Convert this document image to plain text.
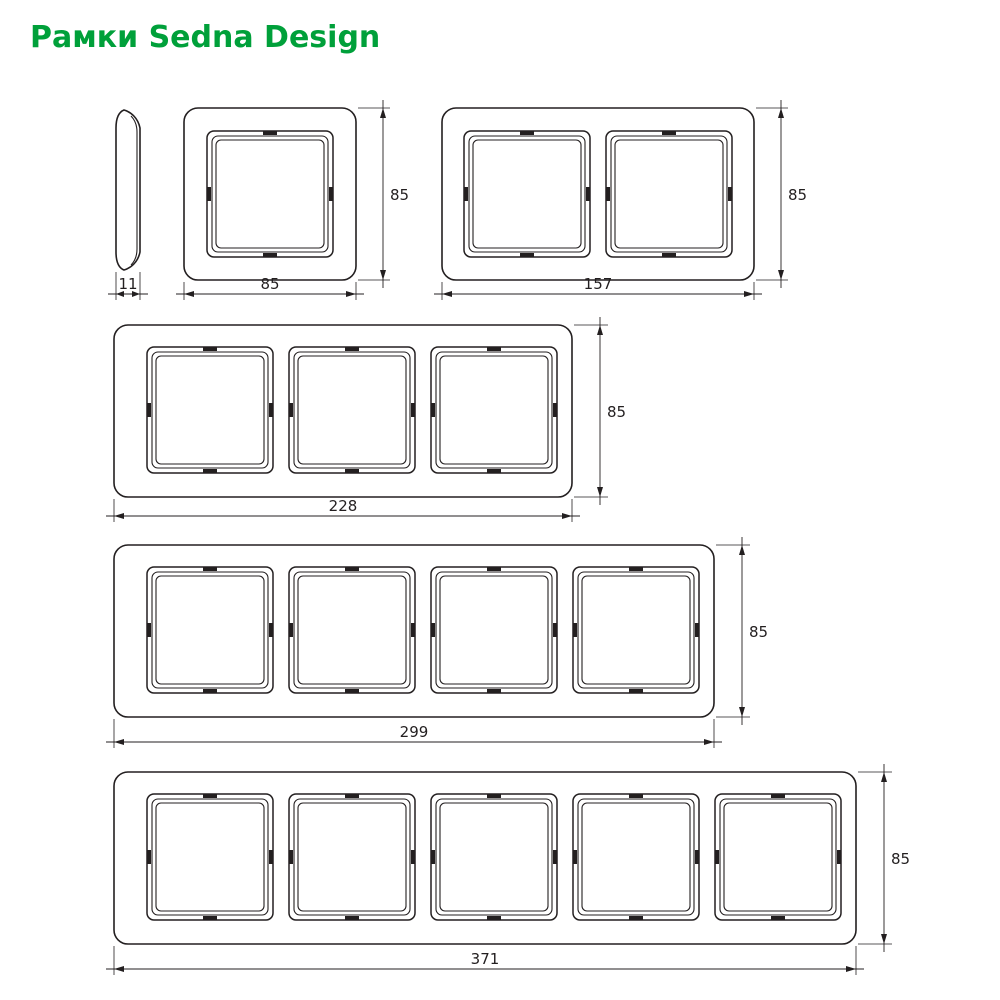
Рамки Sedna Design
11	85
85
157
85
228
85
299
85
371
85
